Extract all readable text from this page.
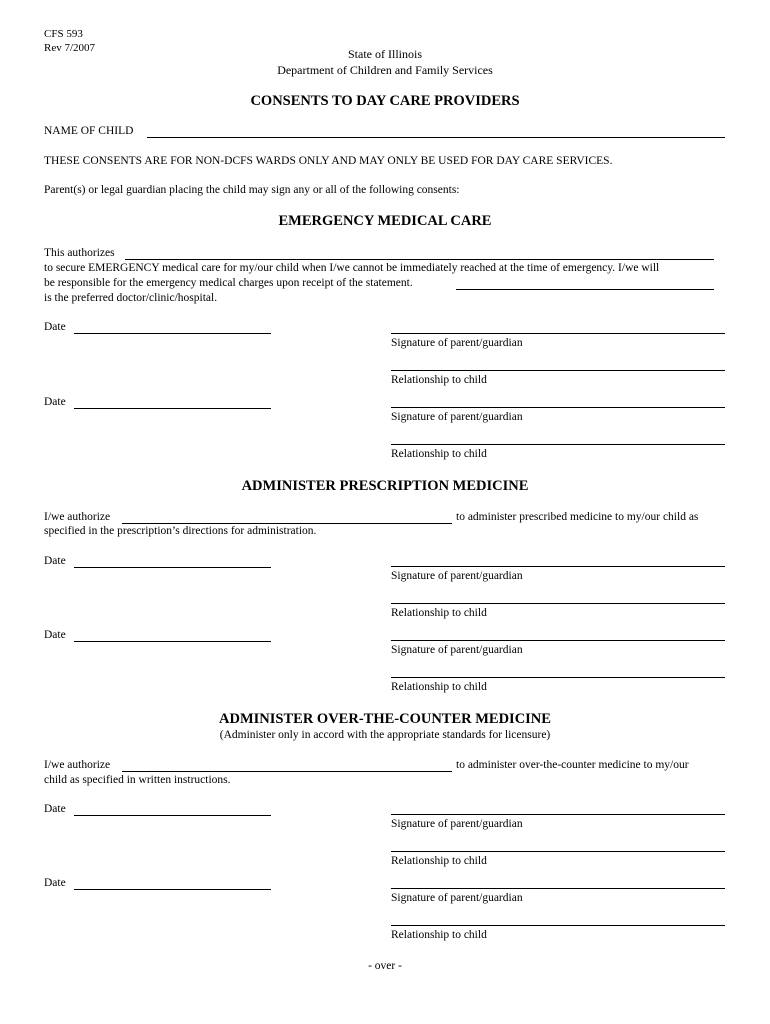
CFS 593
Rev 7/2007	State of Illinois
Department of Children and Family Services
CONSENTS TO DAY CARE PROVIDERS
NAME OF CHILD
THESE CONSENTS ARE FOR NON-DCFS WARDS ONLY AND MAY ONLY BE USED FOR DAY CARE SERVICES.
Parent(s) or legal guardian placing the child may sign any or all of the following consents:
EMERGENCY MEDICAL CARE
This authorizes
to secure EMERGENCY medical care for my/our child when I/we cannot be immediately reached at the time of emergency. I/we will
be responsible for the emergency medical charges upon receipt of the statement.
is the preferred doctor/clinic/hospital.
Date
Signature of parent/guardian
Relationship to child
Date
Signature of parent/guardian
Relationship to child
ADMINISTER PRESCRIPTION MEDICINE
I/we authorize	to administer prescribed medicine to my/our child as
specified in the prescription’s directions for administration.
Date
Signature of parent/guardian
Relationship to child
Date
Signature of parent/guardian
Relationship to child
ADMINISTER OVER-THE-COUNTER MEDICINE
(Administer only in accord with the appropriate standards for licensure)
I/we authorize	to administer over-the-counter medicine to my/our
child as specified in written instructions.
Date
Signature of parent/guardian
Relationship to child
Date
Signature of parent/guardian
Relationship to child
- over -
